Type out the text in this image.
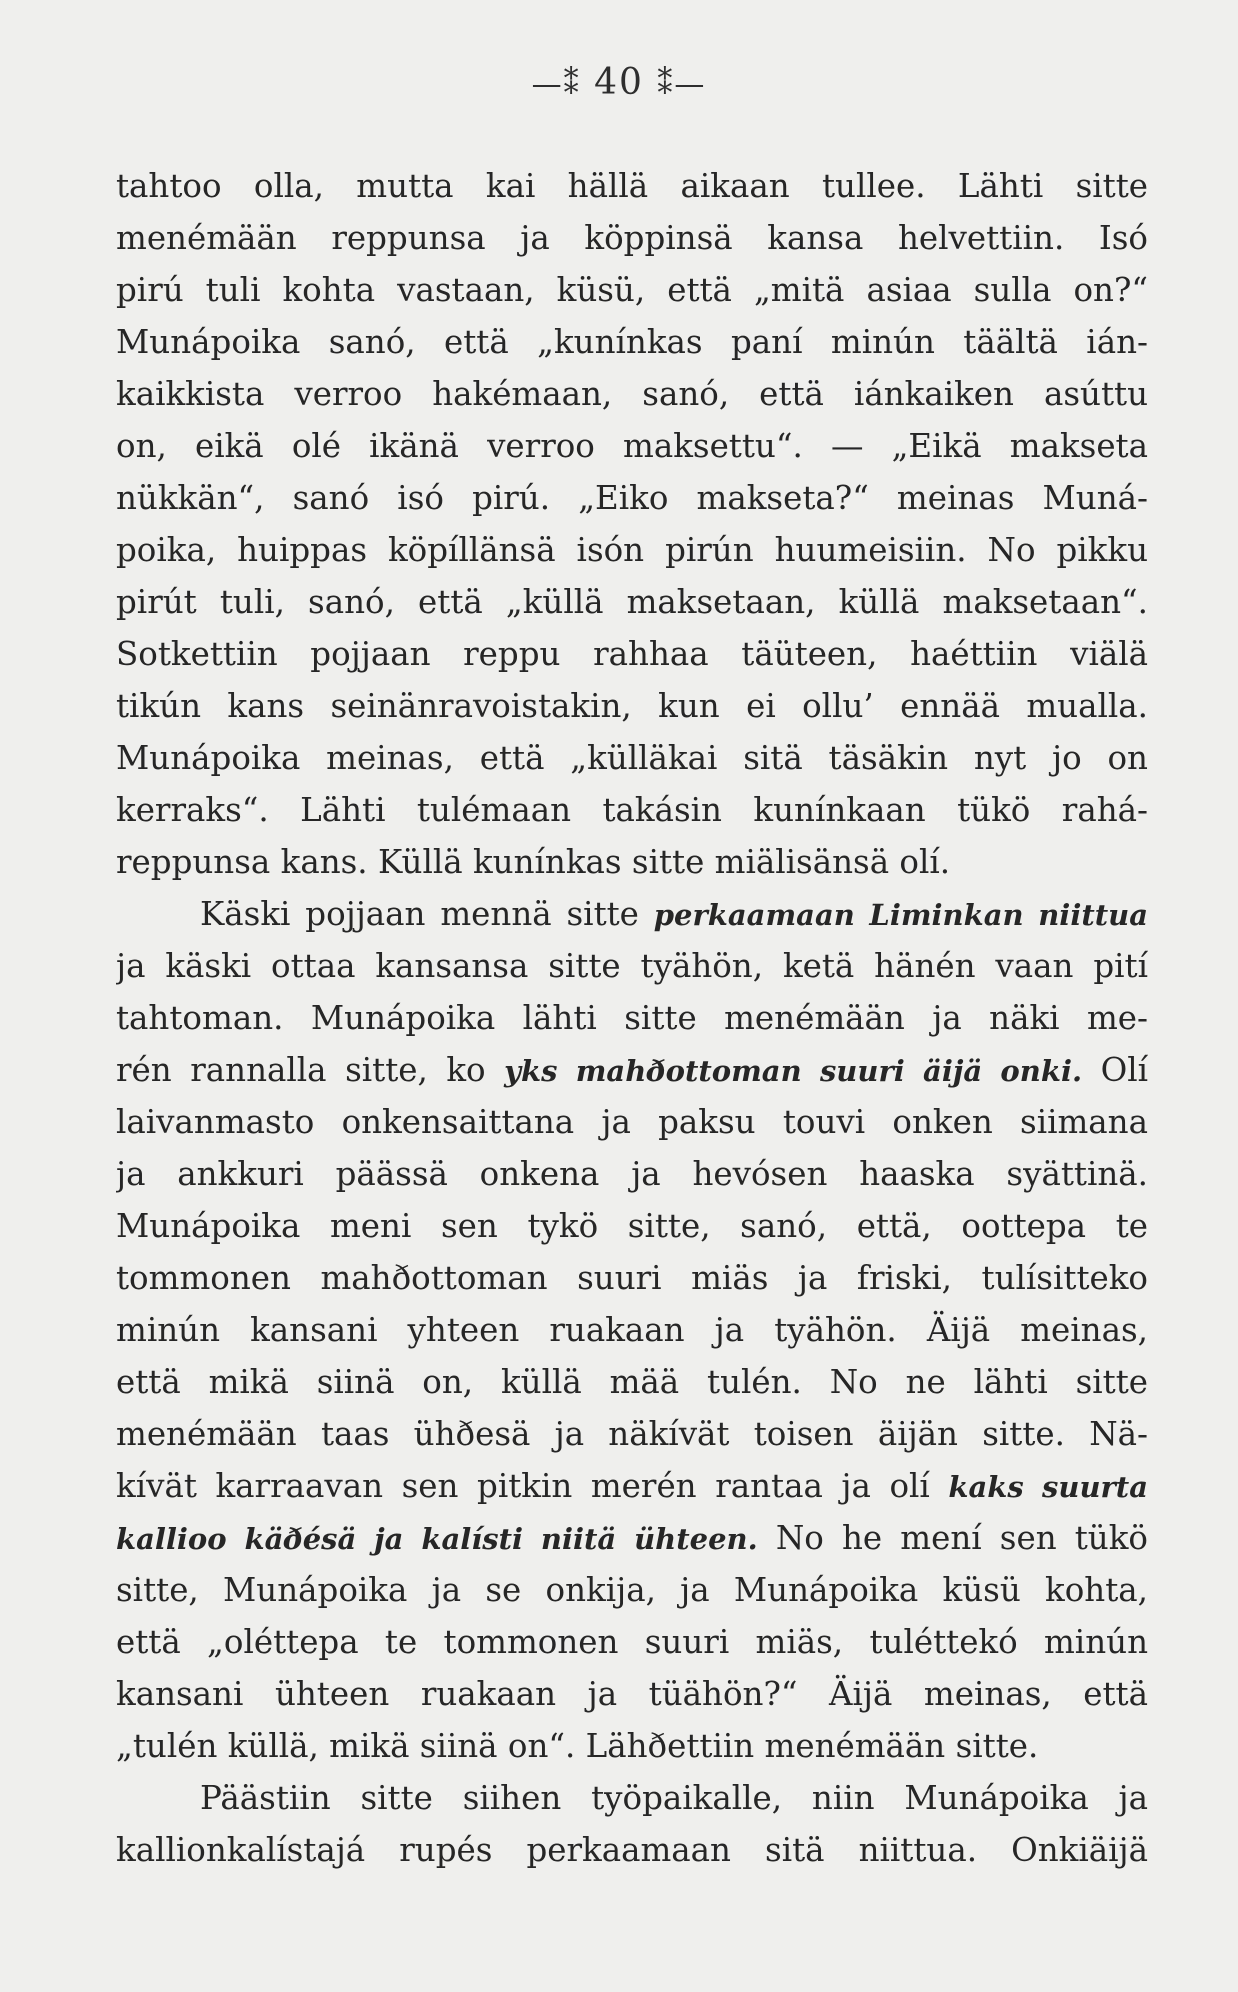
—⁑ 40 ⁑—
tahtoo olla, mutta kai hällä aikaan tullee. Lähti sitte
menémään reppunsa ja köppinsä kansa helvettiin. Isó
pirú tuli kohta vastaan, küsü, että „mitä asiaa sulla on?“
Munápoika sanó, että „kunínkas paní minún täältä ián-
kaikkista verroo hakémaan, sanó, että iánkaiken asúttu
on, eikä olé ikänä verroo maksettu“. — „Eikä makseta
nükkän“, sanó isó pirú. „Eiko makseta?“ meinas Muná-
poika, huippas köpíllänsä isón pirún huumeisiin. No pikku
pirút tuli, sanó, että „küllä maksetaan, küllä maksetaan“.
Sotkettiin pojjaan reppu rahhaa täüteen, haéttiin viälä
tikún kans seinänravoistakin, kun ei ollu’ ennää mualla.
Munápoika meinas, että „külläkai sitä täsäkin nyt jo on
kerraks“. Lähti tulémaan takásin kunínkaan tükö rahá-
reppunsa kans. Küllä kunínkas sitte miälisänsä olí.
Käski pojjaan mennä sitte perkaamaan Liminkan niittua
ja käski ottaa kansansa sitte tyähön, ketä hänén vaan pití
tahtoman. Munápoika lähti sitte menémään ja näki me-
rén rannalla sitte, ko yks mahðottoman suuri äijä onki. Olí
laivanmasto onkensaittana ja paksu touvi onken siimana
ja ankkuri päässä onkena ja hevósen haaska syättinä.
Munápoika meni sen tykö sitte, sanó, että, oottepa te
tommonen mahðottoman suuri miäs ja friski, tulísitteko
minún kansani yhteen ruakaan ja tyähön. Äijä meinas,
että mikä siinä on, küllä mää tulén. No ne lähti sitte
menémään taas ühðesä ja näkívät toisen äijän sitte. Nä-
kívät karraavan sen pitkin merén rantaa ja olí kaks suurta
kallioo käðésä ja kalísti niitä ühteen. No he mení sen tükö
sitte, Munápoika ja se onkija, ja Munápoika küsü kohta,
että „oléttepa te tommonen suuri miäs, tuléttekó minún
kansani ühteen ruakaan ja tüähön?“ Äijä meinas, että
„tulén küllä, mikä siinä on“. Lähðettiin menémään sitte.
Päästiin sitte siihen työpaikalle, niin Munápoika ja
kallionkalístajá rupés perkaamaan sitä niittua. Onkiäijä
